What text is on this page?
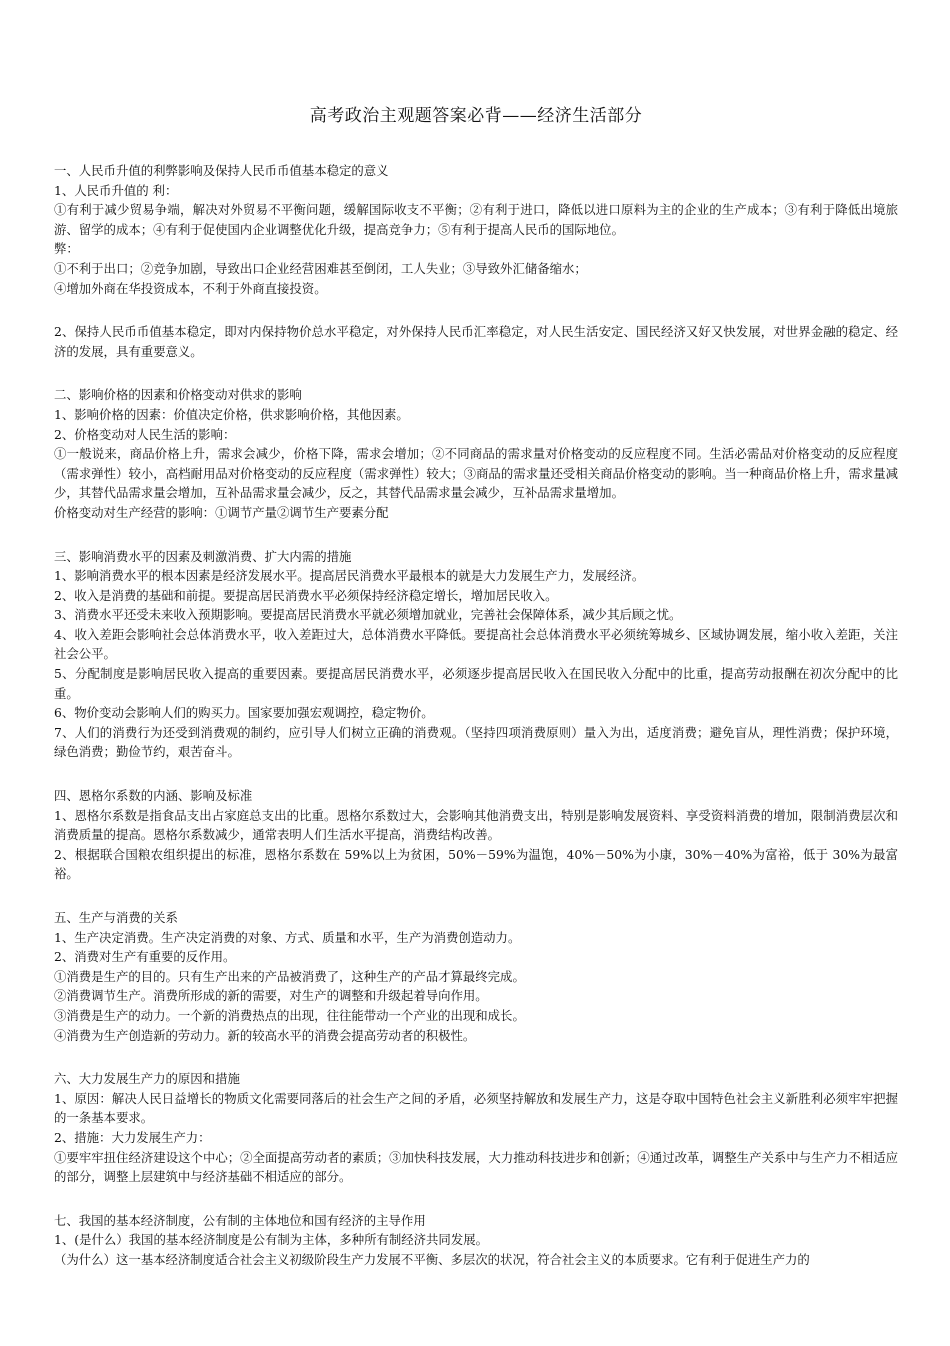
高考政治主观题答案必背——经济生活部分

一、人民币升值的利弊影响及保持人民币币值基本稳定的意义

1、人民币升值的 利：

①有利于减少贸易争端，解决对外贸易不平衡问题，缓解国际收支不平衡；②有利于进口，降低以进口原料为主的企业的生产成本；③有利于降低出境旅游、留学的成本；④有利于促使国内企业调整优化升级，提高竞争力；⑤有利于提高人民币的国际地位。

弊：

①不利于出口；②竞争加剧，导致出口企业经营困难甚至倒闭，工人失业；③导致外汇储备缩水；

④增加外商在华投资成本，不利于外商直接投资。

2、保持人民币币值基本稳定，即对内保持物价总水平稳定，对外保持人民币汇率稳定，对人民生活安定、国民经济又好又快发展，对世界金融的稳定、经济的发展，具有重要意义。

二、影响价格的因素和价格变动对供求的影响

1、影响价格的因素：价值决定价格，供求影响价格，其他因素。

2、价格变动对人民生活的影响：

①一般说来，商品价格上升，需求会减少，价格下降，需求会增加；②不同商品的需求量对价格变动的反应程度不同。生活必需品对价格变动的反应程度（需求弹性）较小，高档耐用品对价格变动的反应程度（需求弹性）较大；③商品的需求量还受相关商品价格变动的影响。当一种商品价格上升，需求量减少，其替代品需求量会增加，互补品需求量会减少，反之，其替代品需求量会减少，互补品需求量增加。

价格变动对生产经营的影响：①调节产量②调节生产要素分配

三、影响消费水平的因素及刺激消费、扩大内需的措施

1、影响消费水平的根本因素是经济发展水平。提高居民消费水平最根本的就是大力发展生产力，发展经济。

2、收入是消费的基础和前提。要提高居民消费水平必须保持经济稳定增长，增加居民收入。

3、消费水平还受未来收入预期影响。要提高居民消费水平就必须增加就业，完善社会保障体系，减少其后顾之忧。

4、收入差距会影响社会总体消费水平，收入差距过大，总体消费水平降低。要提高社会总体消费水平必须统筹城乡、区域协调发展，缩小收入差距，关注社会公平。

5、分配制度是影响居民收入提高的重要因素。要提高居民消费水平，必须逐步提高居民收入在国民收入分配中的比重，提高劳动报酬在初次分配中的比重。

6、物价变动会影响人们的购买力。国家要加强宏观调控，稳定物价。

7、人们的消费行为还受到消费观的制约，应引导人们树立正确的消费观。（坚持四项消费原则）量入为出，适度消费；避免盲从，理性消费；保护环境，绿色消费；勤俭节约，艰苦奋斗。

四、恩格尔系数的内涵、影响及标准

1、恩格尔系数是指食品支出占家庭总支出的比重。恩格尔系数过大，会影响其他消费支出，特别是影响发展资料、享受资料消费的增加，限制消费层次和消费质量的提高。恩格尔系数减少，通常表明人们生活水平提高，消费结构改善。

2、根据联合国粮农组织提出的标准，恩格尔系数在 59%以上为贫困，50%－59%为温饱，40%－50%为小康，30%－40%为富裕，低于 30%为最富裕。

五、生产与消费的关系

1、生产决定消费。生产决定消费的对象、方式、质量和水平，生产为消费创造动力。

2、消费对生产有重要的反作用。

①消费是生产的目的。只有生产出来的产品被消费了，这种生产的产品才算最终完成。

②消费调节生产。消费所形成的新的需要，对生产的调整和升级起着导向作用。

③消费是生产的动力。一个新的消费热点的出现，往往能带动一个产业的出现和成长。

④消费为生产创造新的劳动力。新的较高水平的消费会提高劳动者的积极性。

六、大力发展生产力的原因和措施

1、原因：解决人民日益增长的物质文化需要同落后的社会生产之间的矛盾，必须坚持解放和发展生产力，这是夺取中国特色社会主义新胜利必须牢牢把握的一条基本要求。

2、措施：大力发展生产力：

①要牢牢扭住经济建设这个中心；②全面提高劳动者的素质；③加快科技发展，大力推动科技进步和创新；④通过改革，调整生产关系中与生产力不相适应的部分，调整上层建筑中与经济基础不相适应的部分。

七、我国的基本经济制度，公有制的主体地位和国有经济的主导作用

1、(是什么）我国的基本经济制度是公有制为主体，多种所有制经济共同发展。

（为什么）这一基本经济制度适合社会主义初级阶段生产力发展不平衡、多层次的状况，符合社会主义的本质要求。它有利于促进生产力的
